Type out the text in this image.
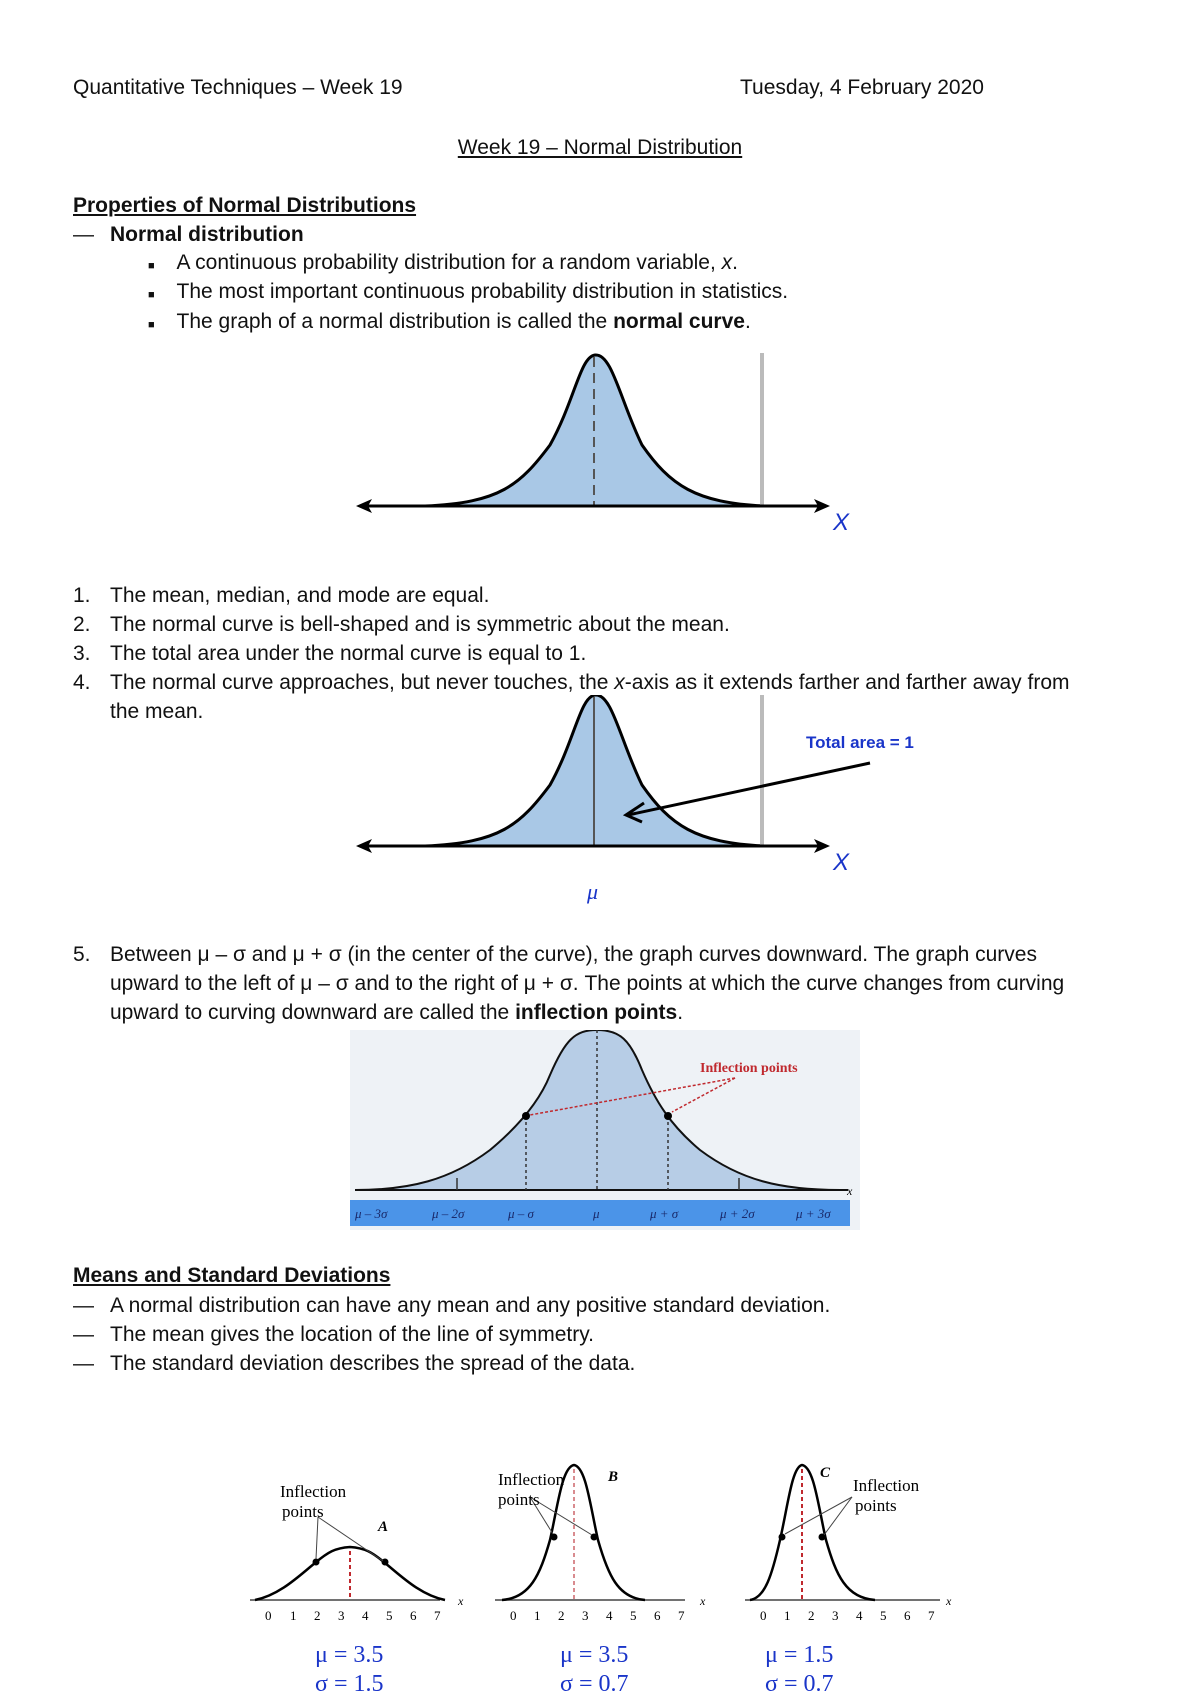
Quantitative Techniques – Week 19	Tuesday, 4 February 2020
Week 19 – Normal Distribution
Properties of Normal Distributions
— Normal distribution
■ A continuous probability distribution for a random variable, x.
■ The most important continuous probability distribution in statistics.
■ The graph of a normal distribution is called the normal curve.
X
1. The mean, median, and mode are equal.
2. The normal curve is bell-shaped and is symmetric about the mean.
3. The total area under the normal curve is equal to 1.
4. The normal curve approaches, but never touches, the x-axis as it extends farther and farther away from
the mean.
Total area = 1
X
μ
5. Between μ – σ and μ + σ (in the center of the curve), the graph curves downward. The graph curves
upward to the left of μ – σ and to the right of μ + σ. The points at which the curve changes from curving
upward to curving downward are called the inflection points.
x
Inflection points
μ – 3σ	μ – 2σ	μ – σ	μ	μ + σ	μ + 2σ	μ + 3σ
Means and Standard Deviations
— A normal distribution can have any mean and any positive standard deviation.
— The mean gives the location of the line of symmetry.
— The standard deviation describes the spread of the data.
Inflection
points
A
0 1 2 3 4 5 6 7
x
μ = 3.5
σ = 1.5
Inflection
points
B
0 1 2 3 4 5 6 7
x
μ = 3.5
σ = 0.7
Inflection
points
C
0 1 2 3 4 5 6 7
x
μ = 1.5
σ = 0.7
